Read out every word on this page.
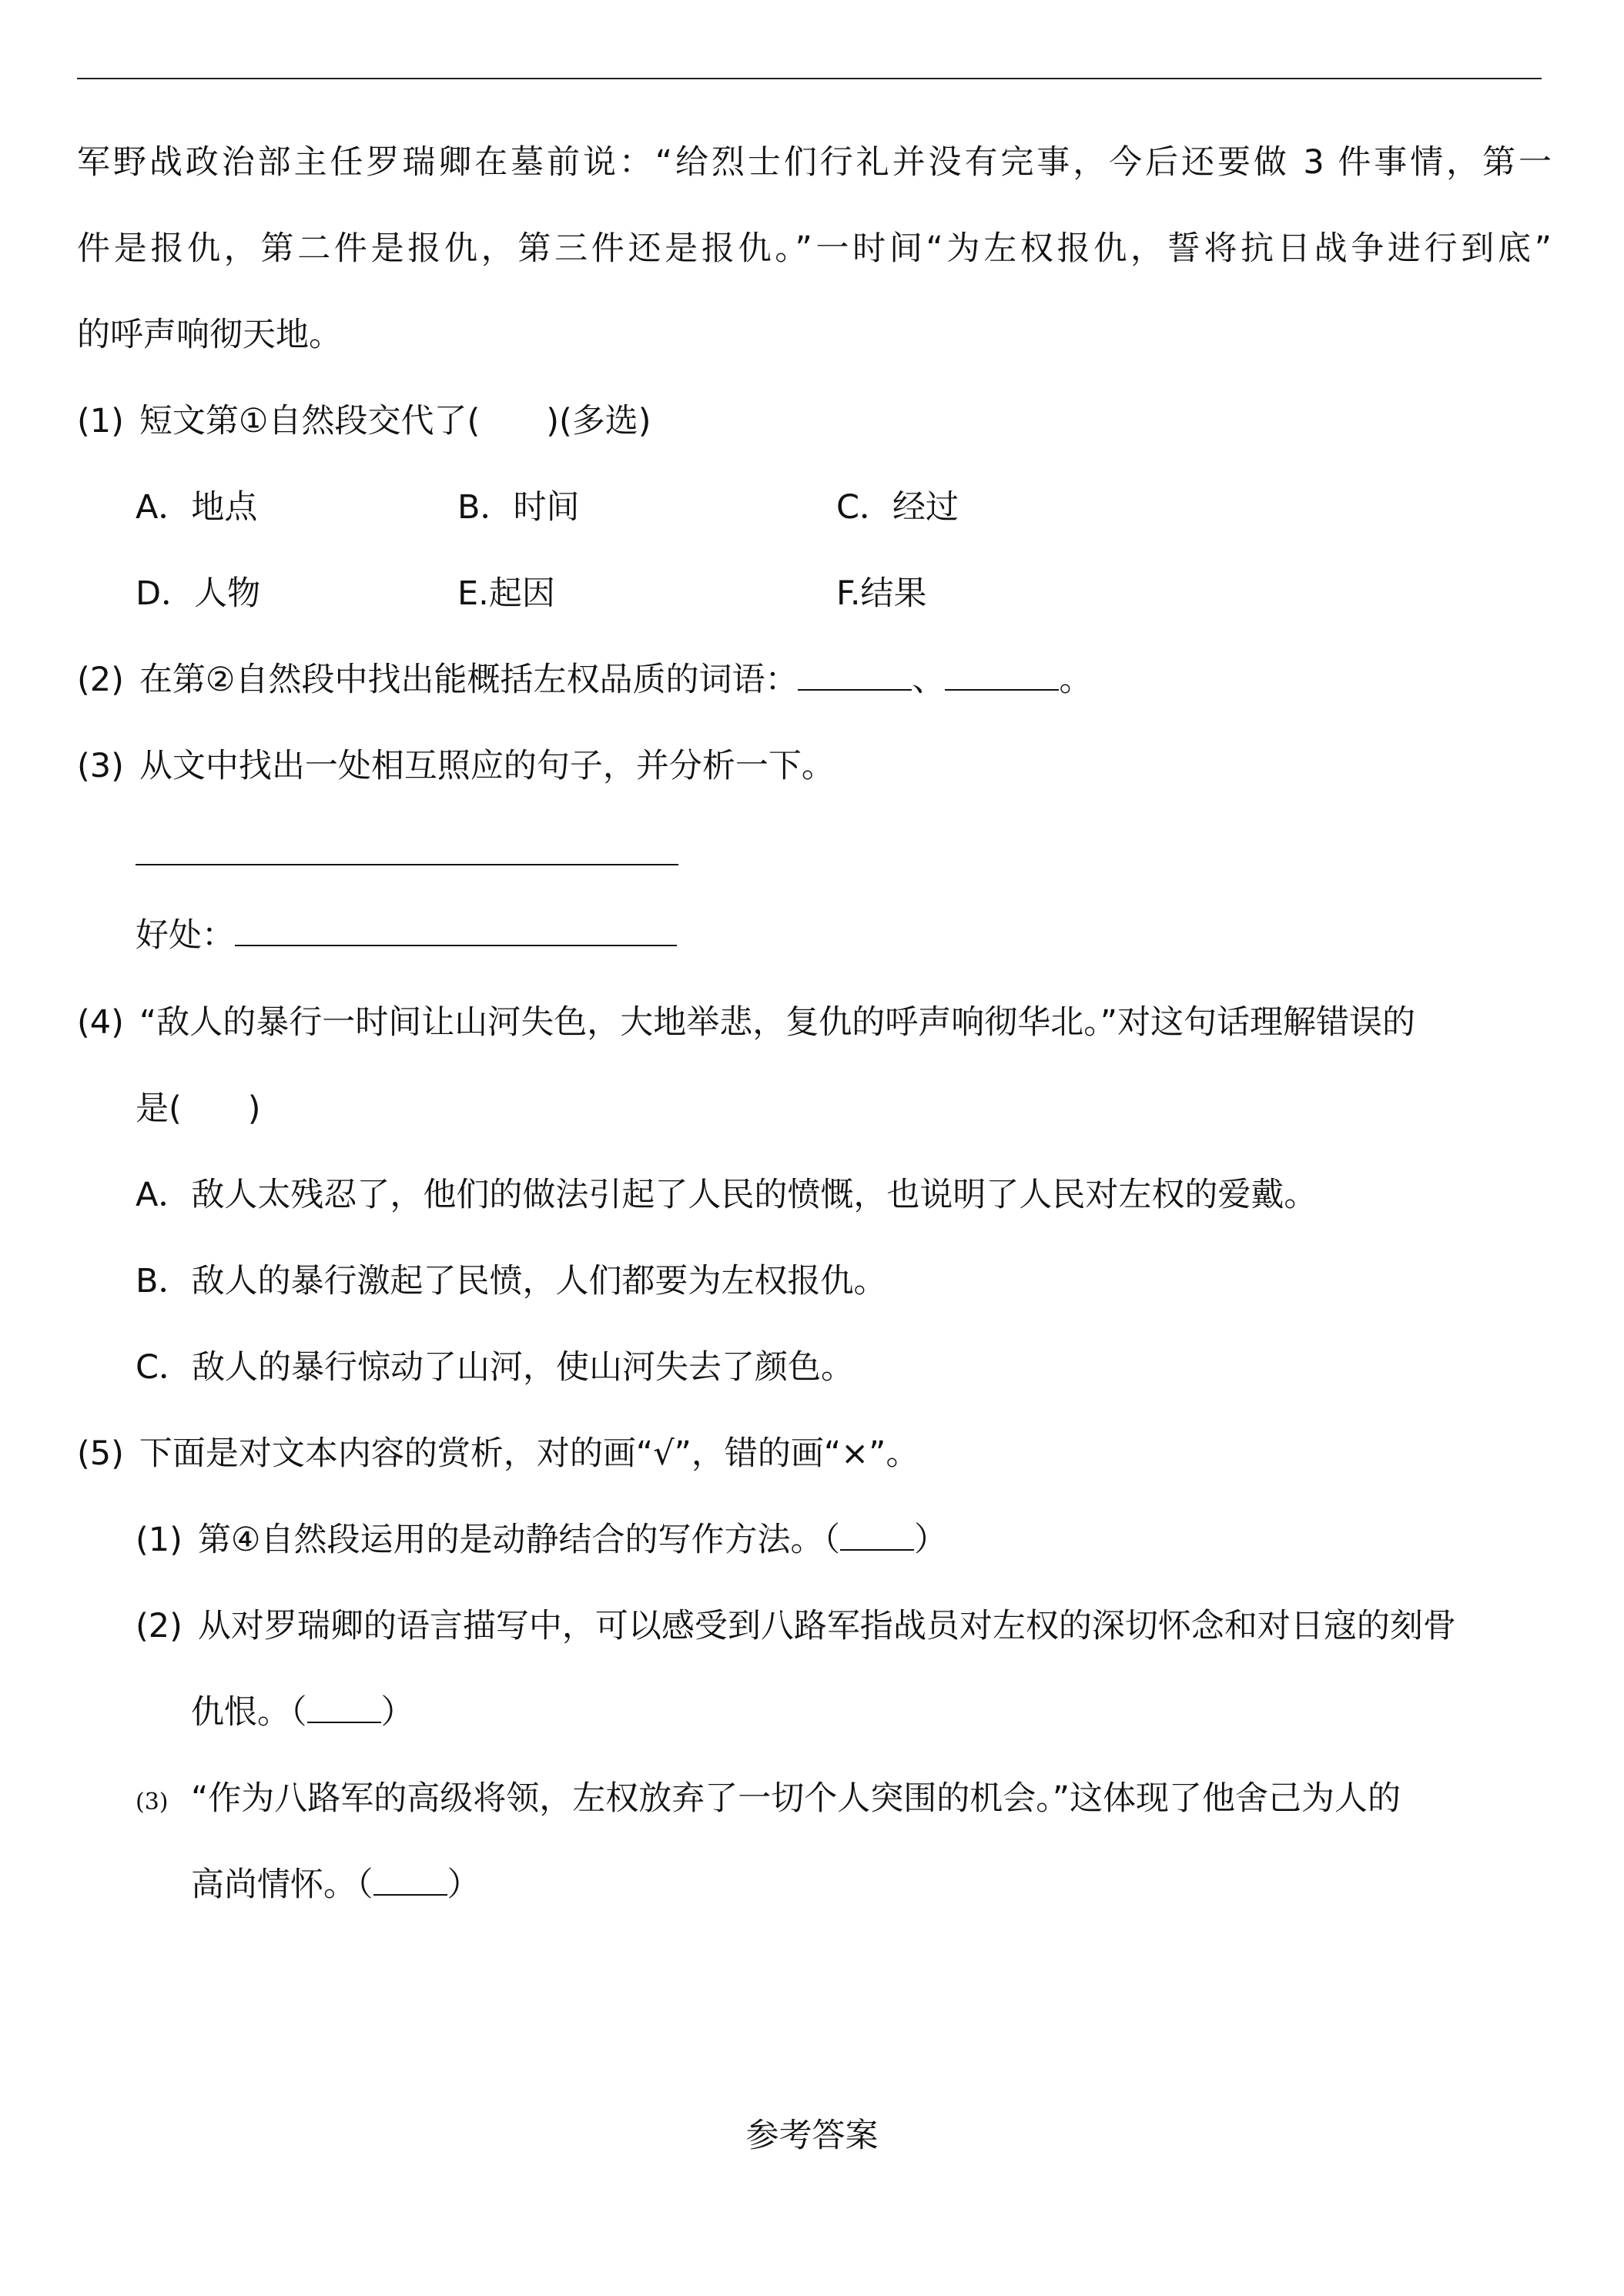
军野战政治部主任罗瑞卿在墓前说：“给烈士们行礼并没有完事，今后还要做 3 件事情，第一
件是报仇，第二件是报仇，第三件还是报仇。”一时间“为左权报仇，誓将抗日战争进行到底”
的呼声响彻天地。
(1) 短文第①自然段交代了(　　)(多选)
A．地点	B．时间	C．经过
D．人物	E.起因	F.结果
(2) 在第②自然段中找出能概括左权品质的词语：	、	。
(3) 从文中找出一处相互照应的句子，并分析一下。
好处：
(4) “敌人的暴行一时间让山河失色，大地举悲，复仇的呼声响彻华北。”对这句话理解错误的
是(　　)
A．敌人太残忍了，他们的做法引起了人民的愤慨，也说明了人民对左权的爱戴。
B．敌人的暴行激起了民愤，人们都要为左权报仇。
C．敌人的暴行惊动了山河，使山河失去了颜色。
(5) 下面是对文本内容的赏析，对的画“√”，错的画“×”。
(1) 第④自然段运用的是动静结合的写作方法。（ ）
(2) 从对罗瑞卿的语言描写中，可以感受到八路军指战员对左权的深切怀念和对日寇的刻骨
仇恨。（ ）
(3) “作为八路军的高级将领，左权放弃了一切个人突围的机会。”这体现了他舍己为人的
高尚情怀。（ ）
参考答案
